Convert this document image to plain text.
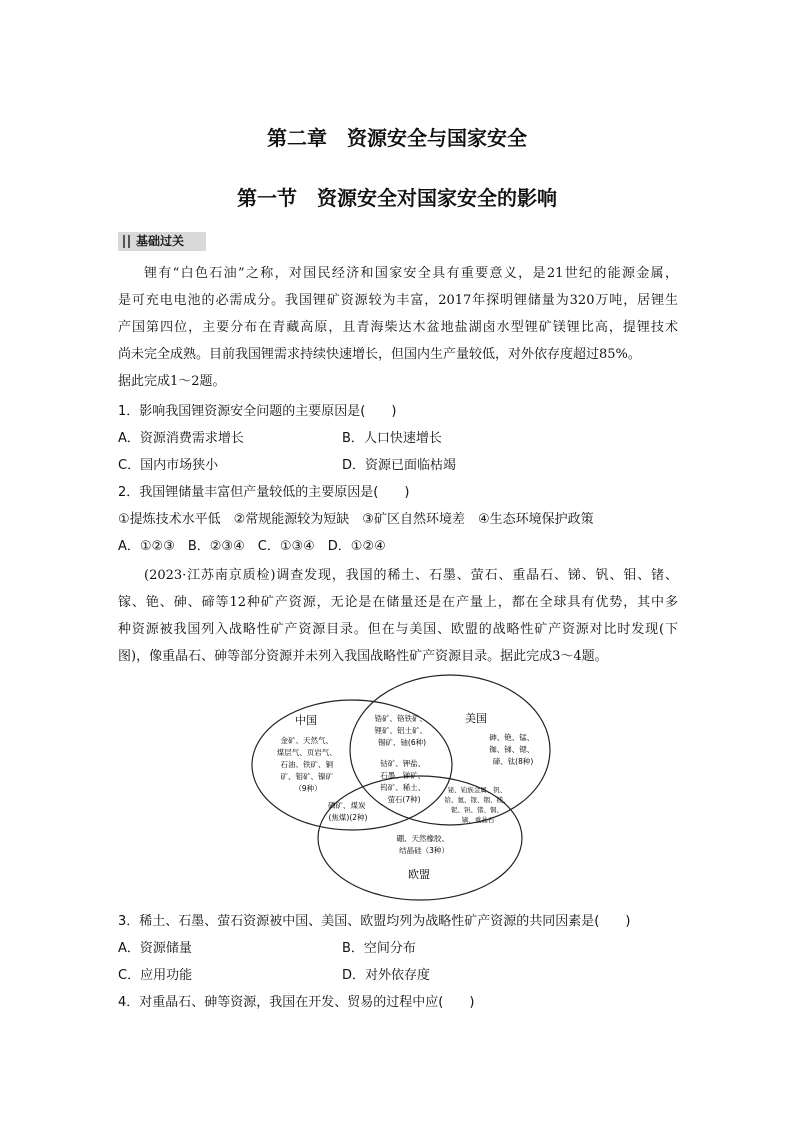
第二章　资源安全与国家安全
第一节　资源安全对国家安全的影响
基础过关
锂有“白色石油”之称，对国民经济和国家安全具有重要意义，是21世纪的能源金属，
是可充电电池的必需成分。我国锂矿资源较为丰富，2017年探明锂储量为320万吨，居锂生
产国第四位，主要分布在青藏高原，且青海柴达木盆地盐湖卤水型锂矿镁锂比高，提锂技术
尚未完全成熟。目前我国锂需求持续快速增长，但国内生产量较低，对外依存度超过85%。
据此完成1～2题。
1．影响我国锂资源安全问题的主要原因是(　　)
A．资源消费需求增长	B．人口快速增长
C．国内市场狭小	D．资源已面临枯竭
2．我国锂储量丰富但产量较低的主要原因是(　　)
①提炼技术水平低　②常规能源较为短缺　③矿区自然环境差　④生态环境保护政策
A．①②③　B．②③④　C．①③④　D．①②④
(2023·江苏南京质检)调查发现，我国的稀土、石墨、萤石、重晶石、锑、钒、钼、锗、
镓、铯、砷、碲等12种矿产资源，无论是在储量还是在产量上，都在全球具有优势，其中多
种资源被我国列入战略性矿产资源目录。但在与美国、欧盟的战略性矿产资源对比时发现(下
图)，像重晶石、砷等部分资源并未列入我国战略性矿产资源目录。据此完成3～4题。
中国	美国
欧盟
金矿、天然气、 煤层气、页岩气、 石油、铁矿、铜 矿、钼矿、镍矿 （9种）
锆矿、铬铁矿、 锂矿、铝土矿、 锡矿、铀(6种)
砷、铯、锰、 铷、锑、锶、 碲、钛(8种)
钴矿、钾盐、 石墨、锑矿、 钨矿、稀土、 萤石(7种)
磷矿、煤炭 (焦煤)(2种)
铋、铂族金属、钒、 铪、氦、镓、铟、镁、 铌、钽、锗、铜、 镝、重晶石
硼、天然橡胶、 结晶硅（3种）
3．稀土、石墨、萤石资源被中国、美国、欧盟均列为战略性矿产资源的共同因素是(　　)
A．资源储量	B．空间分布
C．应用功能	D．对外依存度
4．对重晶石、砷等资源，我国在开发、贸易的过程中应(　　)
